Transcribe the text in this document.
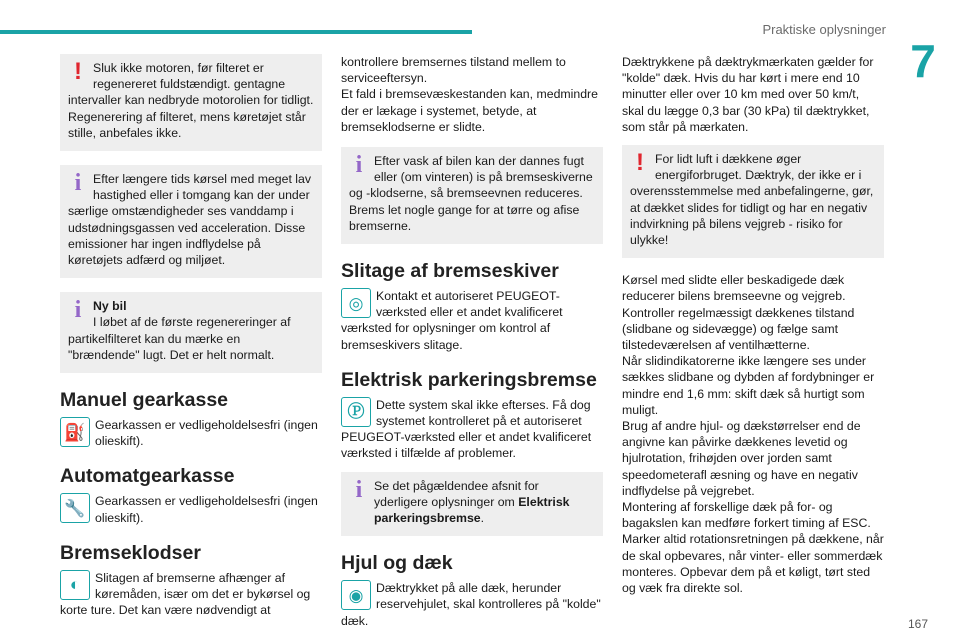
Praktiske oplysninger
7
! Sluk ikke motoren, før filteret er regenereret fuldstændigt. gentagne
intervaller kan nedbryde motorolien for tidligt. Regenerering af filteret, mens køretøjet står stille, anbefales ikke.
i Efter længere tids kørsel med meget lav hastighed eller i tomgang kan der under
særlige omstændigheder ses vanddamp i udstødningsgassen ved acceleration. Disse emissioner har ingen indflydelse på køretøjets adfærd og miljøet.
i Ny bil
I løbet af de første regenereringer af
partikelfilteret kan du mærke en "brændende" lugt. Det er helt normalt.
Manuel gearkasse
⛽ Gearkassen er vedligeholdelsesfri (ingen olieskift).
Automatgearkasse
🔧 Gearkassen er vedligeholdelsesfri (ingen olieskift).
Bremseklodser
◐	Slitagen af bremserne afhænger af køremåden, især om det er bykørsel og korte ture. Det kan være nødvendigt at
kontrollere bremsernes tilstand mellem to serviceeftersyn.
Et fald i bremsevæskestanden kan, medmindre der er lækage i systemet, betyde, at bremseklodserne er slidte.
i Efter vask af bilen kan der dannes fugt eller (om vinteren) is på bremseskiverne
og -klodserne, så bremseevnen reduceres. Brems let nogle gange for at tørre og afise bremserne.
Slitage af bremseskiver
◎	Kontakt et autoriseret PEUGEOT-værksted eller et andet kvalificeret værksted for oplysninger om kontrol af bremseskivers slitage.
Elektrisk parkeringsbremse
Ⓟ Dette system skal ikke efterses. Få dog systemet kontrolleret på et autoriseret PEUGEOT-værksted eller et andet kvalificeret værksted i tilfælde af problemer.
i Se det pågældendee afsnit for yderligere oplysninger om Elektrisk parkeringsbremse.
Hjul og dæk
◉	Dæktrykket på alle dæk, herunder reservehjulet, skal kontrolleres på "kolde" dæk.
Dæktrykkene på dæktrykmærkaten gælder for "kolde" dæk. Hvis du har kørt i mere end 10 minutter eller over 10 km med over 50 km/t, skal du lægge 0,3 bar (30 kPa) til dæktrykket, som står på mærkaten.
! For lidt luft i dækkene øger energiforbruget. Dæktryk, der ikke er i
overensstemmelse med anbefalingerne, gør, at dækket slides for tidligt og har en negativ indvirkning på bilens vejgreb - risiko for ulykke!
Kørsel med slidte eller beskadigede dæk reducerer bilens bremseevne og vejgreb.
Kontroller regelmæssigt dækkenes tilstand (slidbane og sidevægge) og fælge samt tilstedeværelsen af ventilhætterne.
Når slidindikatorerne ikke længere ses under sækkes slidbane og dybden af fordybninger er mindre end 1,6 mm: skift dæk så hurtigt som muligt.
Brug af andre hjul- og dækstørrelser end de angivne kan påvirke dækkenes levetid og hjulrotation, frihøjden over jorden samt speedometerafl æsning og have en negativ indflydelse på vejgrebet.
Montering af forskellige dæk på for- og bagakslen kan medføre forkert timing af ESC.
Marker altid rotationsretningen på dækkene, når de skal opbevares, når vinter- eller sommerdæk monteres. Opbevar dem på et køligt, tørt sted og væk fra direkte sol.
167
